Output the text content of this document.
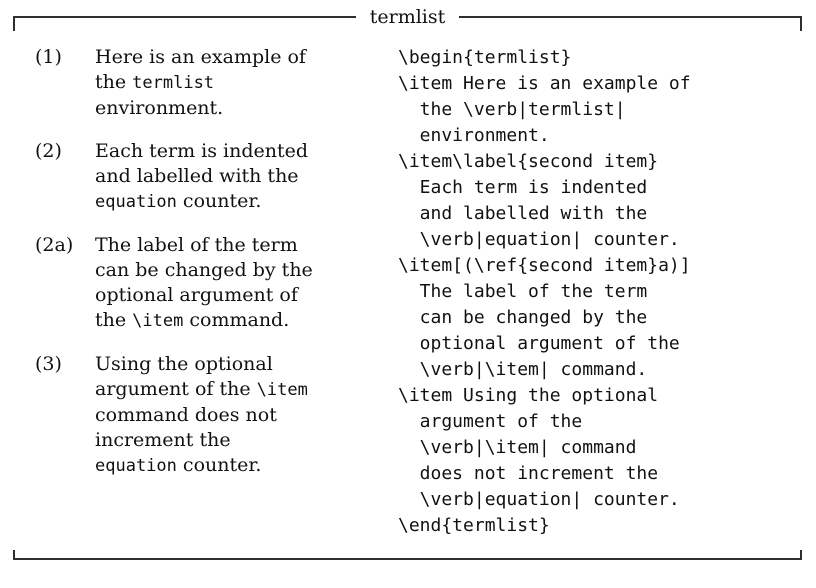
termlist
(1)	Here is an example of
the termlist
environment.
(2)	Each term is indented
and labelled with the
equation counter.
(2a)	The label of the term
can be changed by the
optional argument of
the \item command.
(3)	Using the optional
argument of the \item
command does not
increment the
equation counter.
\begin{termlist}
\item Here is an example of
the \verb|termlist|
environment.
\item\label{second item}
Each term is indented
and labelled with the
\verb|equation| counter.
\item[(\ref{second item}a)]
The label of the term
can be changed by the
optional argument of the
\verb|\item| command.
\item Using the optional
argument of the
\verb|\item| command
does not increment the
\verb|equation| counter.
\end{termlist}
